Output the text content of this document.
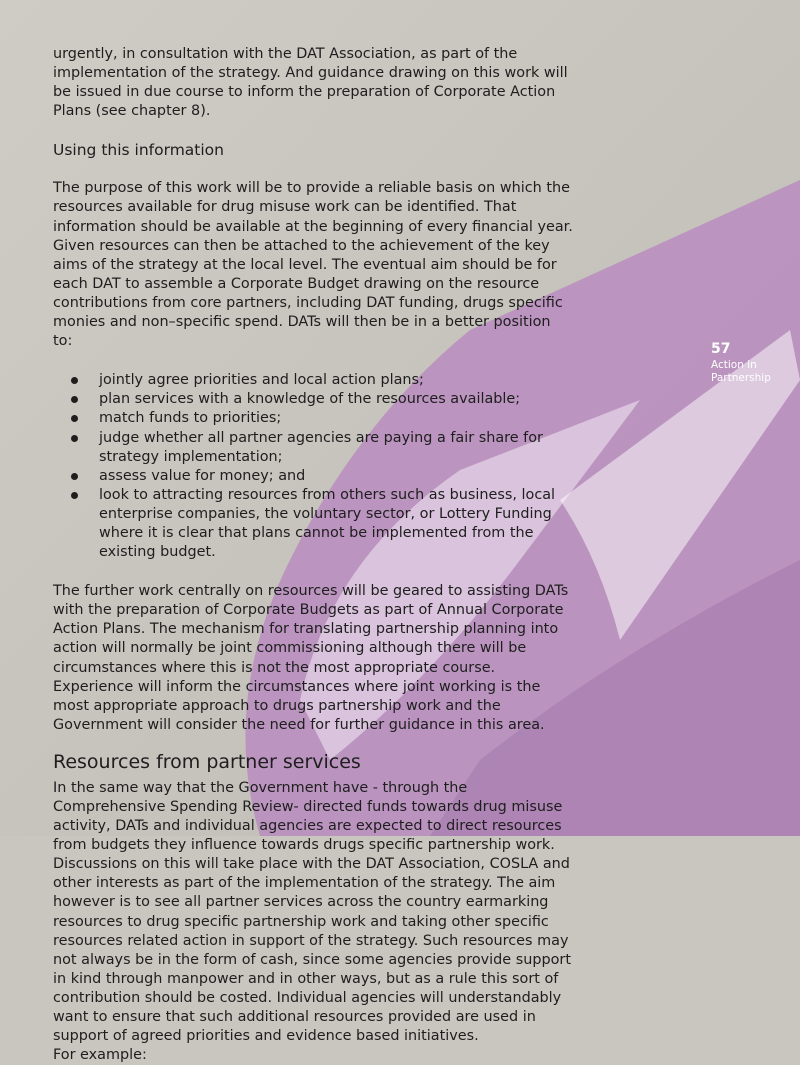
urgently, in consultation with the DAT Association, as part of the implementation of the strategy. And guidance drawing on this work will be issued in due course to inform the preparation of Corporate Action Plans (see chapter 8).

Using this information

The purpose of this work will be to provide a reliable basis on which the resources available for drug misuse work can be identified. That information should be available at the beginning of every financial year. Given resources can then be attached to the achievement of the key aims of the strategy at the local level. The eventual aim should be for each DAT to assemble a Corporate Budget drawing on the resource contributions from core partners, including DAT funding, drugs specific monies and non–specific spend. DATs will then be in a better position to:

jointly agree priorities and local action plans;
plan services with a knowledge of the resources available;
match funds to priorities;
judge whether all partner agencies are paying a fair share for strategy implementation;
assess value for money; and
look to attracting resources from others such as business, local enterprise companies, the voluntary sector, or Lottery Funding where it is clear that plans cannot be implemented from the existing budget.

The further work centrally on resources will be geared to assisting DATs with the preparation of Corporate Budgets as part of Annual Corporate Action Plans. The mechanism for translating partnership planning into action will normally be joint commissioning although there will be circumstances where this is not the most appropriate course. Experience will inform the circumstances where joint working is the most appropriate approach to drugs partnership work and the Government will consider the need for further guidance in this area.

Resources from partner services

In the same way that the Government have - through the Comprehensive Spending Review- directed funds towards drug misuse activity, DATs and individual agencies are expected to direct resources from budgets they influence towards drugs specific partnership work. Discussions on this will take place with the DAT Association, COSLA and other interests as part of the implementation of the strategy. The aim however is to see all partner services across the country earmarking resources to drug specific partnership work and taking other specific resources related action in support of the strategy. Such resources may not always be in the form of cash, since some agencies provide support in kind through manpower and in other ways, but as a rule this sort of contribution should be costed. Individual agencies will understandably want to ensure that such additional resources provided are used in support of agreed priorities and evidence based initiatives.

For example:

57
Action in Partnership
